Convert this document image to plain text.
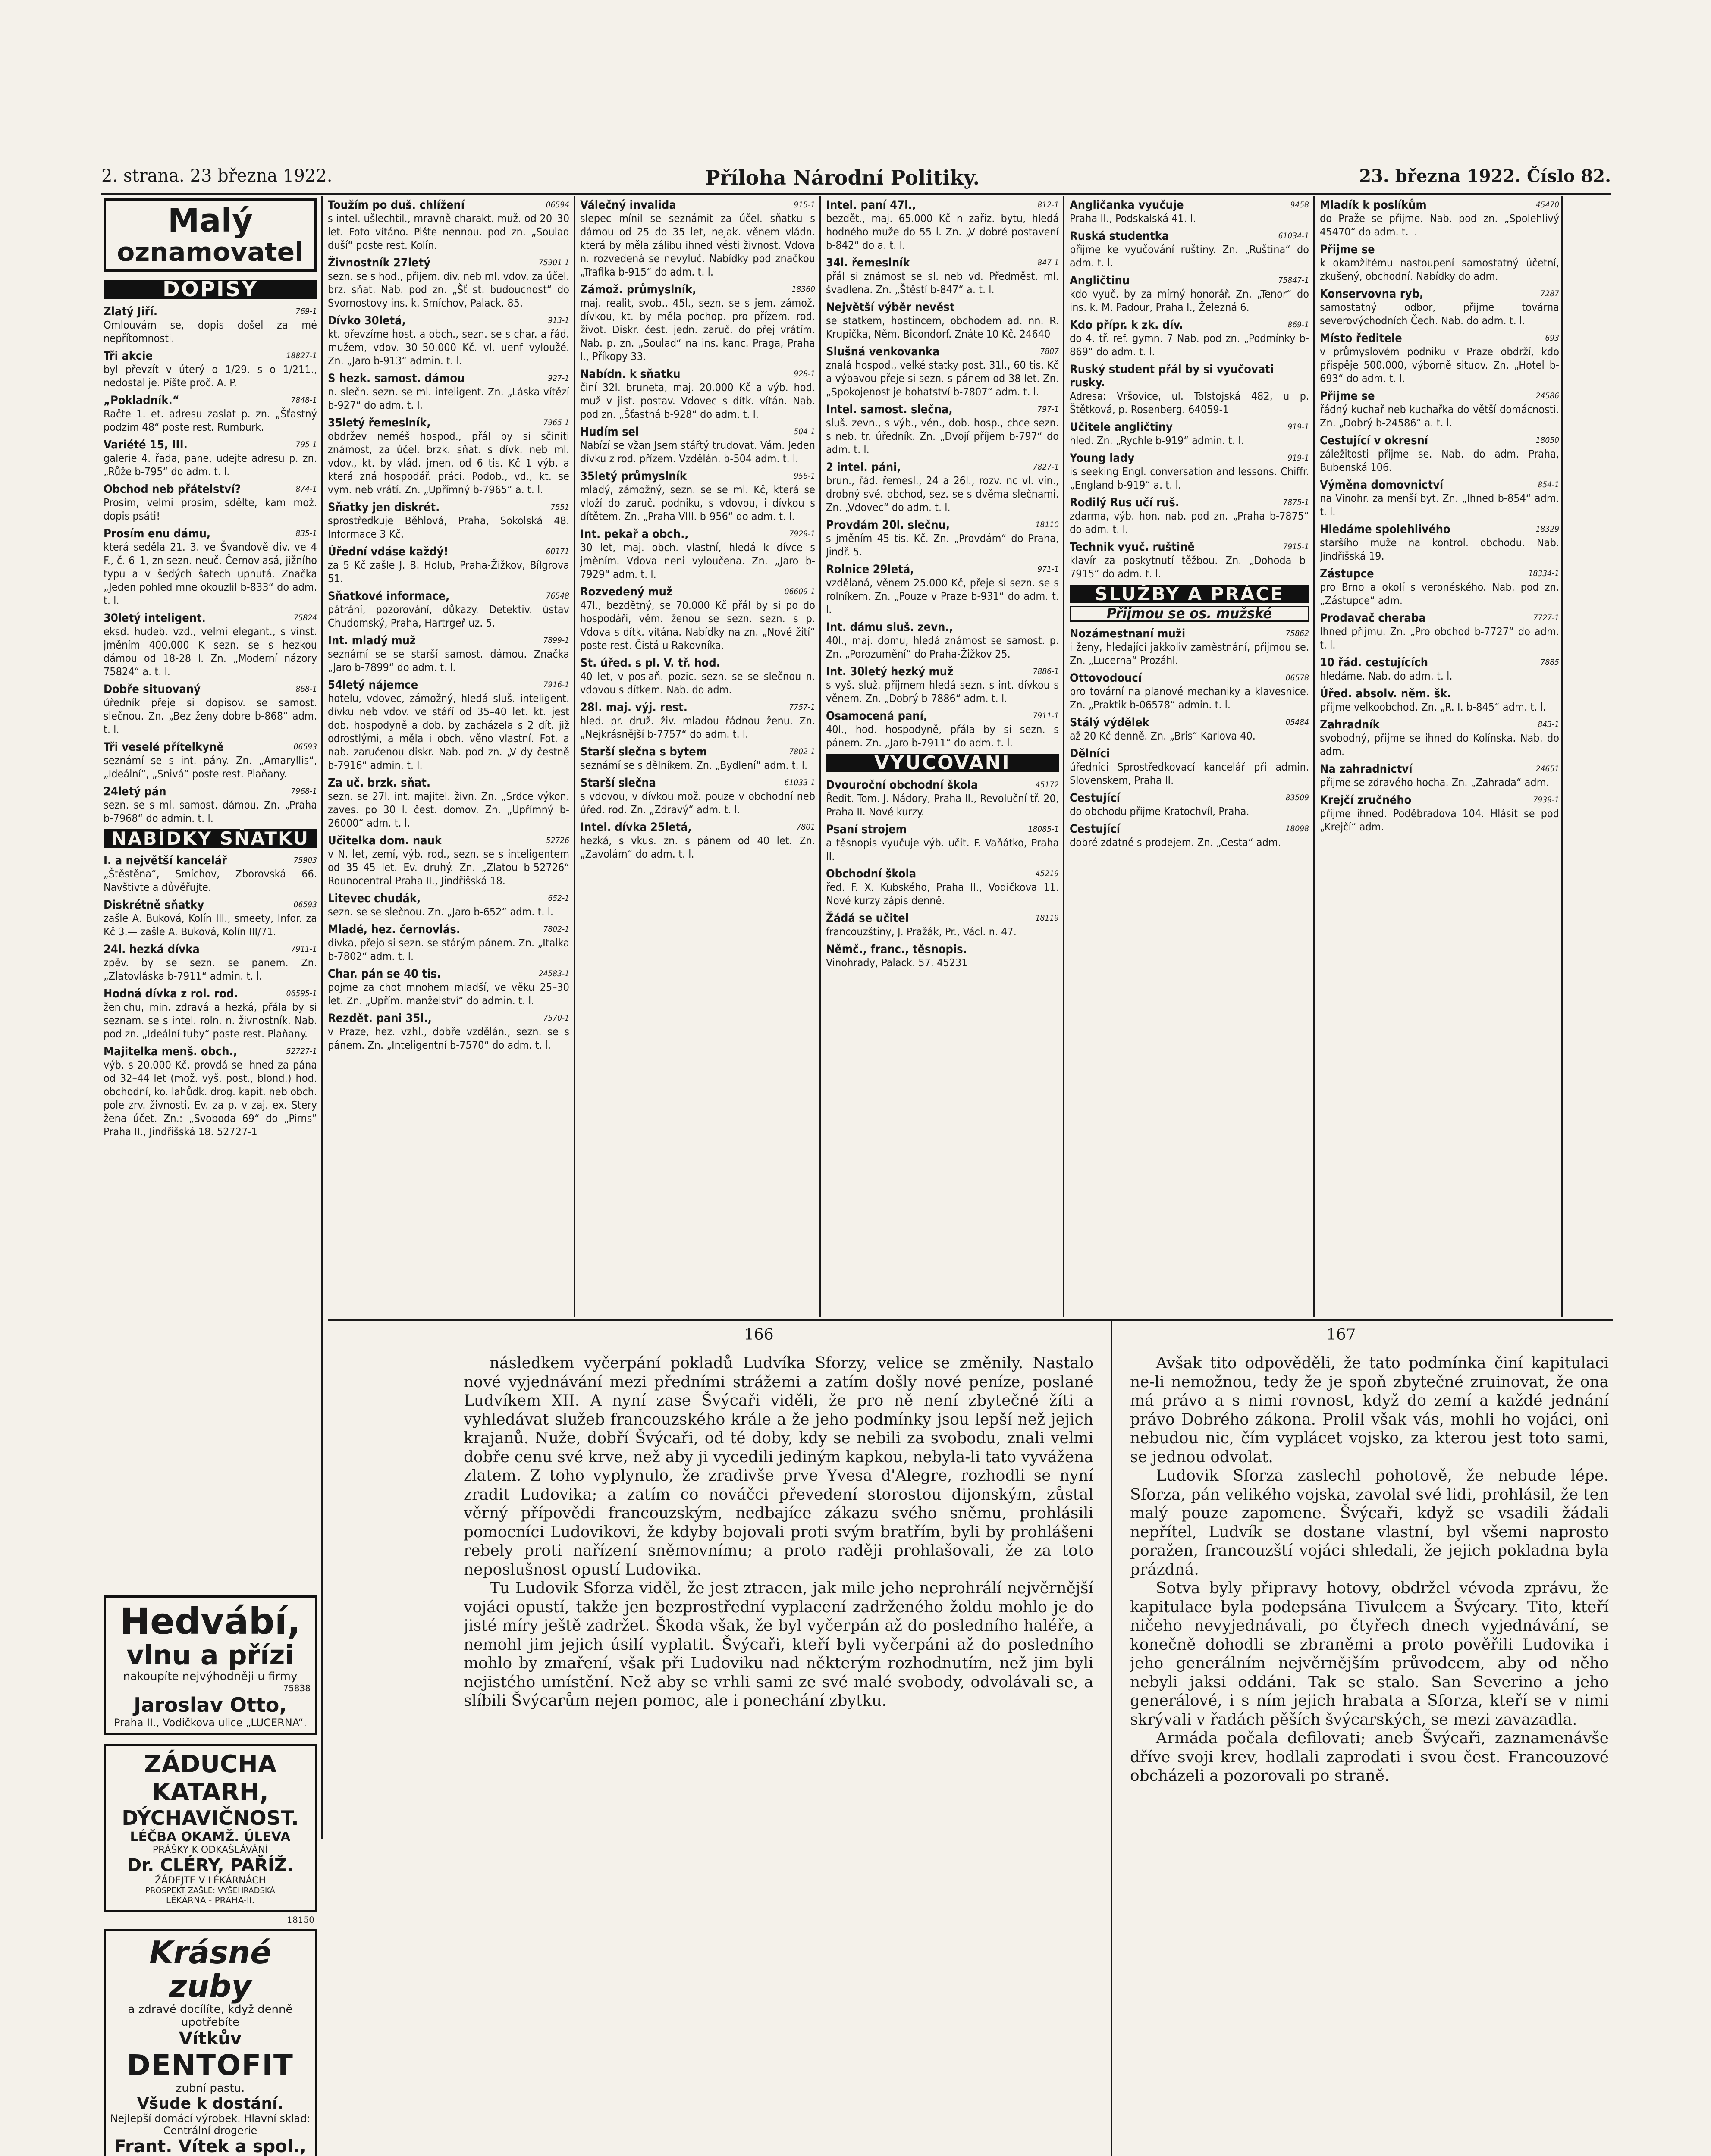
2. strana. 23 března 1922.	Příloha Národní Politiky.	23. března 1922. Číslo 82.
Malý
oznamovatel
DOPISY
769-1
Zlatý Jiří.
Omlouvám se, dopis došel za mé nepřítomnosti.
18827-1
Tři akcie
byl převzít v úterý o 1/29. s o 1/211., nedostal je. Píšte proč. A. P.
7848-1
„Pokladník.“
Račte 1. et. adresu zaslat p. zn. „Šťastný podzim 48“ poste rest. Rumburk.
795-1
Variété 15, III.
galerie 4. řada, pane, udejte adresu p. zn. „Růže b-795“ do adm. t. l.
874-1
Obchod neb přátelství?
Prosím, velmi prosím, sdělte, kam mož. dopis psáti!
835-1
Prosím enu dámu,
která seděla 21. 3. ve Švandově div. ve 4 F., č. 6–1, zn sezn. neuč. Černovlasá, jižního typu a v šedých šatech upnutá. Značka „Jeden pohled mne okouzlil b-833“ do adm. t. l.
75824
30letý inteligent.
eksd. hudeb. vzd., velmi elegant., s vinst. jměním 400.000 K sezn. se s hezkou dámou od 18-28 l. Zn. „Moderní názory 75824“ a. t. l.
868-1
Dobře situovaný
úředník přeje si dopisov. se samost. slečnou. Zn. „Bez ženy dobre b-868“ adm. t. l.
06593
Tři veselé přítelkyně
seznámí se s int. pány. Zn. „Amaryllis“, „Ideální“, „Snivá“ poste rest. Plaňany.
7968-1
24letý pán
sezn. se s ml. samost. dámou. Zn. „Praha b-7968“ do admin. t. l.
NABÍDKY SŇATKU
75903
I. a největší kancelář
„Štěstěna“, Smíchov, Zborovská 66. Navštivte a důvěřujte.
06593
Diskrétně sňatky
zašle A. Buková, Kolín III., smeety, Infor. za Kč 3.— zašle A. Buková, Kolín III/71.
7911-1
24l. hezká dívka
zpěv. by se sezn. se panem. Zn. „Zlatovláska b-7911“ admin. t. l.
06595-1
Hodná dívka z rol. rod.
ženichu, min. zdravá a hezká, přála by si seznam. se s intel. roln. n. živnostník. Nab. pod zn. „Ideální tuby“ poste rest. Plaňany.
52727-1
Majitelka menš. obch.,
výb. s 20.000 Kč. provdá se ihned za pána od 32–44 let (mož. vyš. post., blond.) hod. obchodní, ko. lahůdk. drog. kapit. neb obch. pole zrv. živnosti. Ev. za p. v zaj. ex. Stery žena účet. Zn.: „Svoboda 69“ do „Pirnsˮ Praha II., Jindřišská 18. 52727-1
Hedvábí,
vlnu a přízi
nakoupíte nejvýhodněji u firmy
75838
Jaroslav Otto,
Praha II., Vodičkova ulice „LUCERNA“.
ZÁDUCHA
KATARH,
DÝCHAVIČNOST.
LÉČBA OKAMŽ. ÚLEVA
PRÁŠKY K ODKAŠLÁVÁNÍ
Dr. CLÉRY, PAŘÍŽ.
ŽÁDEJTE V LÉKÁRNÁCH
PROSPEKT ZAŠLE: VYŠEHRADSKÁ
LÉKÁRNA - PRAHA-II.
18150
Krásné zuby
a zdravé docílíte, když denně upotřebíte
Vítkův
DENTOFIT
zubní pastu.
Všude k dostání.
Nejlepší domácí výrobek. Hlavní sklad: Centrální drogerie
Frant. Vítek a spol.,
06594
Toužím po duš. chlížení
s intel. ušlechtil., mravně charakt. muž. od 20–30 let. Foto vítáno. Pište nennou. pod zn. „Soulad duší“ poste rest. Kolín.
75901-1
Živnostník 27letý
sezn. se s hod., přijem. div. neb ml. vdov. za účel. brz. sňat. Nab. pod zn. „Šť st. budoucnost“ do Svornostovy ins. k. Smíchov, Palack. 85.
913-1
Dívko 30letá,
kt. převzíme host. a obch., sezn. se s char. a řád. mužem, vdov. 30–50.000 Kč. vl. uenf vyloužé. Zn. „Jaro b-913“ admin. t. l.
927-1
S hezk. samost. dámou
n. slečn. sezn. se ml. inteligent. Zn. „Láska vítězí b-927“ do adm. t. l.
7965-1
35letý řemeslník,
obdržev neméš hospod., přál by si sčiniti známost, za účel. brzk. sňat. s dívk. neb ml. vdov., kt. by vlád. jmen. od 6 tis. Kč 1 výb. a která zná hospodář. práci. Podob., vd., kt. se vym. neb vrátí. Zn. „Upřímný b-7965“ a. t. l.
7551
Sňatky jen diskrét.
sprostředkuje Běhlová, Praha, Sokolská 48. Informace 3 Kč.
60171
Úřední vdáse každý!
za 5 Kč zašle J. B. Holub, Praha-Žižkov, Bílgrova 51.
76548
Sňatkové informace,
pátrání, pozorování, důkazy. Detektiv. ústav Chudomský, Praha, Hartrgeř uz. 5.
7899-1
Int. mladý muž
seznámí se se starší samost. dámou. Značka „Jaro b-7899“ do adm. t. l.
7916-1
54letý nájemce
hotelu, vdovec, zámožný, hledá sluš. inteligent. dívku neb vdov. ve stáří od 35–40 let. kt. jest dob. hospodyně a dob. by zacházela s 2 dít. již odrostlými, a měla i obch. věno vlastní. Fot. a nab. zaručenou diskr. Nab. pod zn. „V dy čestně b-7916“ admin. t. l.
Za uč. brzk. sňat.
sezn. se 27l. int. majitel. živn. Zn. „Srdce výkon. zaves. po 30 l. čest. domov. Zn. „Upřímný b-26000“ adm. t. l.
52726
Učitelka dom. nauk
v N. let, zemí, výb. rod., sezn. se s inteligentem od 35–45 let. Ev. druhý. Zn. „Zlatou b-52726“ Rounocentral Praha II., Jindřišská 18.
652-1
Litevec chudák,
sezn. se se slečnou. Zn. „Jaro b-652“ adm. t. l.
7802-1
Mladé, hez. černovlás.
dívka, přejo si sezn. se stárým pánem. Zn. „Italka b-7802“ adm. t. l.
24583-1
Char. pán se 40 tis.
pojme za chot mnohem mladší, ve věku 25–30 let. Zn. „Upřím. manželství“ do admin. t. l.
7570-1
Rezdět. pani 35l.,
v Praze, hez. vzhl., dobře vzdělán., sezn. se s pánem. Zn. „Inteligentní b-7570“ do adm. t. l.
915-1
Válečný invalida
slepec mínil se seznámit za účel. sňatku s dámou od 25 do 35 let, nejak. věnem vládn. která by měla zálibu ihned vésti živnost. Vdova n. rozvedená se nevyluč. Nabídky pod značkou „Trafika b-915“ do adm. t. l.
18360
Zámož. průmyslník,
maj. realit, svob., 45l., sezn. se s jem. zámož. dívkou, kt. by měla pochop. pro přízem. rod. život. Diskr. čest. jedn. zaruč. do přej vrátím. Nab. p. zn. „Soulad“ na ins. kanc. Praga, Praha I., Příkopy 33.
928-1
Nabídn. k sňatku
činí 32l. bruneta, maj. 20.000 Kč a výb. hod. muž v jist. postav. Vdovec s dítk. vítán. Nab. pod zn. „Šťastná b-928“ do adm. t. l.
504-1
Hudím sel
Nabízí se vžan Jsem stářtý trudovat. Vám. Jeden dívku z rod. přízem. Vzdělán. b-504 adm. t. l.
956-1
35letý průmyslník
mladý, zámožný, sezn. se se ml. Kč, která se vloží do zaruč. podniku, s vdovou, i dívkou s dítětem. Zn. „Praha VIII. b-956“ do adm. t. l.
7929-1
Int. pekař a obch.,
30 let, maj. obch. vlastní, hledá k dívce s jměním. Vdova neni vyloučena. Zn. „Jaro b-7929“ adm. t. l.
06609-1
Rozvedený muž
47l., bezdětný, se 70.000 Kč přál by si po do hospodáři, věm. ženou se sezn. sezn. s p. Vdova s dítk. vítána. Nabídky na zn. „Nové žití“ poste rest. Čistá u Rakovníka.
St. úřed. s pl. V. tř. hod.
40 let, v poslaň. pozic. sezn. se se slečnou n. vdovou s dítkem. Nab. do adm.
7757-1
28l. maj. výj. rest.
hled. pr. druž. živ. mladou řádnou ženu. Zn. „Nejkrásnější b-7757“ do adm. t. l.
7802-1
Starší slečna s bytem
seznámí se s dělníkem. Zn. „Bydlení“ adm. t. l.
61033-1
Starší slečna
s vdovou, v dívkou mož. pouze v obchodní neb úřed. rod. Zn. „Zdravý“ adm. t. l.
7801
Intel. dívka 25letá,
hezká, s vkus. zn. s pánem od 40 let. Zn. „Zavolám“ do adm. t. l.
812-1
Intel. paní 47l.,
bezdět., maj. 65.000 Kč n zařiz. bytu, hledá hodného muže do 55 l. Zn. „V dobré postavení b-842“ do a. t. l.
847-1
34l. řemeslník
přál si známost se sl. neb vd. Předměst. ml. švadlena. Zn. „Štěstí b-847“ a. t. l.
Největší výběr nevěst
se statkem, hostincem, obchodem ad. nn. R. Krupička, Něm. Bicondorf. Znáte 10 Kč. 24640
7807
Slušná venkovanka
znalá hospod., velké statky post. 31l., 60 tis. Kč a výbavou přeje si sezn. s pánem od 38 let. Zn. „Spokojenost je bohatství b-7807“ adm. t. l.
797-1
Intel. samost. slečna,
sluš. zevn., s výb., věn., dob. hosp., chce sezn. s neb. tr. úředník. Zn. „Dvojí příjem b-797“ do adm. t. l.
7827-1
2 intel. páni,
brun., řád. řemesl., 24 a 26l., rozv. nc vl. vín., drobný své. obchod, sez. se s dvěma slečnami. Zn. „Vdovec“ do adm. t. l.
18110
Provdám 20l. slečnu,
s jměním 45 tis. Kč. Zn. „Provdám“ do Praha, Jindř. 5.
971-1
Rolnice 29letá,
vzdělaná, věnem 25.000 Kč, přeje si sezn. se s rolníkem. Zn. „Pouze v Praze b-931“ do adm. t. l.
Int. dámu sluš. zevn.,
40l., maj. domu, hledá známost se samost. p. Zn. „Porozumění“ do Praha-Žižkov 25.
7886-1
Int. 30letý hezký muž
s vyš. služ. příjmem hledá sezn. s int. dívkou s věnem. Zn. „Dobrý b-7886“ adm. t. l.
7911-1
Osamocená paní,
40l., hod. hospodyně, přála by si sezn. s pánem. Zn. „Jaro b-7911“ do adm. t. l.
VYUČOVÁNÍ
45172
Dvouroční obchodní škola
Ředit. Tom. J. Nádory, Praha II., Revoluční tř. 20, Praha II. Nové kurzy.
18085-1
Psaní strojem
a těsnopis vyučuje výb. učit. F. Vaňátko, Praha II.
45219
Obchodní škola
řed. F. X. Kubského, Praha II., Vodičkova 11. Nové kurzy zápis denně.
18119
Žádá se učitel
francouzštiny, J. Pražák, Pr., Václ. n. 47.
Němč., franc., těsnopis.
Vinohrady, Palack. 57. 45231
9458
Angličanka vyučuje
Praha II., Podskalská 41. I.
61034-1
Ruská studentka
přijme ke vyučování ruštiny. Zn. „Ruština“ do adm. t. l.
75847-1
Angličtinu
kdo vyuč. by za mírný honorář. Zn. „Tenor“ do ins. k. M. Padour, Praha I., Železná 6.
869-1
Kdo přípr. k zk. dív.
do 4. tř. ref. gymn. 7 Nab. pod zn. „Podmínky b-869“ do adm. t. l.
Ruský student přál by si vyučovati rusky.
Adresa: Vršovice, ul. Tolstojská 482, u p. Štětková, p. Rosenberg. 64059-1
919-1
Učitele angličtiny
hled. Zn. „Rychle b-919“ admin. t. l.
919-1
Young lady
is seeking Engl. conversation and lessons. Chiffr. „England b-919“ a. t. l.
7875-1
Rodilý Rus učí ruš.
zdarma, výb. hon. nab. pod zn. „Praha b-7875“ do adm. t. l.
7915-1
Technik vyuč. ruštině
klavír za poskytnutí těžbou. Zn. „Dohoda b-7915“ do adm. t. l.
SLUŽBY A PRÁCE
Přijmou se os. mužské
75862
Nozámestnaní muži
i ženy, hledající jakkoliv zaměstnání, přijmou se. Zn. „Lucerna“ Prozáhl.
06578
Ottovodoucí
pro tovární na planové mechaniky a klavesnice. Zn. „Praktik b-06578“ admin. t. l.
05484
Stálý výdělek
až 20 Kč denně. Zn. „Bris“ Karlova 40.
Dělníci
úředníci Sprostředkovací kancelář při admin. Slovenskem, Praha II.
83509
Cestující
do obchodu přijme Kratochvíl, Praha.
18098
Cestující
dobré zdatné s prodejem. Zn. „Cesta“ adm.
45470
Mladík k poslíkům
do Praže se přijme. Nab. pod zn. „Spolehlivý 45470“ do adm. t. l.
Přijme se
k okamžitému nastoupení samostatný účetní, zkušený, obchodní. Nabídky do adm.
7287
Konservovna ryb,
samostatný odbor, přijme továrna severovýchodních Čech. Nab. do adm. t. l.
693
Místo ředitele
v průmyslovém podniku v Praze obdrží, kdo přispěje 500.000, výborně situov. Zn. „Hotel b-693“ do adm. t. l.
24586
Přijme se
řádný kuchař neb kuchařka do větší domácnosti. Zn. „Dobrý b-24586“ a. t. l.
18050
Cestující v okresní
záležitosti přijme se. Nab. do adm. Praha, Bubenská 106.
854-1
Výměna domovnictví
na Vinohr. za menší byt. Zn. „Ihned b-854“ adm. t. l.
18329
Hledáme spolehlivého
staršího muže na kontrol. obchodu. Nab. Jindřišská 19.
18334-1
Zástupce
pro Brno a okolí s veronéského. Nab. pod zn. „Zástupce“ adm.
7727-1
Prodavač cheraba
Ihned přijmu. Zn. „Pro obchod b-7727“ do adm. t. l.
7885
10 řád. cestujících
hledáme. Nab. do adm. t. l.
Úřed. absolv. něm. šk.
přijme velkoobchod. Zn. „R. I. b-845“ adm. t. l.
843-1
Zahradník
svobodný, přijme se ihned do Kolínska. Nab. do adm.
24651
Na zahradnictví
přijme se zdravého hocha. Zn. „Zahrada“ adm.
7939-1
Krejčí zručného
přijme ihned. Poděbradova 104. Hlásit se pod „Krejčí“ adm.
166	167

následkem vyčerpání pokladů Ludvíka Sforzy, velice se změnily. Nastalo nové vyjednávání mezi předními strážemi a zatím došly nové peníze, poslané Ludvíkem XII. A nyní zase Švýcaři viděli, že pro ně není zbytečné žíti a vyhledávat služeb francouzského krále a že jeho podmínky jsou lepší než jejich krajanů. Nuže, dobří Švýcaři, od té doby, kdy se nebili za svobodu, znali velmi dobře cenu své krve, než aby ji vycedili jediným kapkou, nebyla-li tato vyvážena zlatem. Z toho vyplynulo, že zradivše prve Yvesa d'Alegre, rozhodli se nyní zradit Ludovika; a zatím co nováčci převedení storostou dijonským, zůstal věrný přípovědi francouzským, nedbajíce zákazu svého sněmu, prohlásili pomocníci Ludovikovi, že kdyby bojovali proti svým bratřím, byli by prohlášeni rebely proti nařízení sněmovnímu; a proto raději prohlašovali, že za toto neposlušnost opustí Ludovika.

Tu Ludovik Sforza viděl, že jest ztracen, jak mile jeho neprohrálí nejvěrnější vojáci opustí, takže jen bezprostřední vyplacení zadrženého žoldu mohlo je do jisté míry ještě zadržet. Škoda však, že byl vyčerpán až do posledního haléře, a nemohl jim jejich úsilí vyplatit. Švýcaři, kteří byli vyčerpáni až do posledního mohlo by zmaření, však při Ludoviku nad některým rozhodnutím, než jim byli nejistého umístění. Než aby se vrhli sami ze své malé svobody, odvolávali se, a slíbili Švýcarům nejen pomoc, ale i ponechání zbytku.

Avšak tito odpověděli, že tato podmínka činí kapitulaci ne-li nemožnou, tedy že je spoň zbytečné zruinovat, že ona má právo a s nimi rovnost, když do zemí a každé jednání právo Dobrého zákona. Prolil však vás, mohli ho vojáci, oni nebudou nic, čím vyplácet vojsko, za kterou jest toto sami, se jednou odvolat.

Ludovik Sforza zaslechl pohotově, že nebude lépe. Sforza, pán velikého vojska, zavolal své lidi, prohlásil, že ten malý pouze zapomene. Švýcaři, když se vsadili žádali nepřítel, Ludvík se dostane vlastní, byl všemi naprosto poražen, francouzští vojáci shledali, že jejich pokladna byla prázdná.

Sotva byly připravy hotovy, obdržel vévoda zprávu, že kapitulace byla podepsána Tivulcem a Švýcary. Tito, kteří ničeho nevyjednávali, po čtyřech dnech vyjednávání, se konečně dohodli se zbraněmi a proto pověřili Ludovika i jeho generálním nejvěrnějším průvodcem, aby od něho nebyli jaksi oddáni. Tak se stalo. San Severino a jeho generálové, i s ním jejich hrabata a Sforza, kteří se v nimi skrývali v řadách pěších švýcarských, se mezi zavazadla.

Armáda počala defilovati; aneb Švýcaři, zaznamenávše dříve svoji krev, hodlali zaprodati i svou čest. Francouzové obcházeli a pozorovali po straně.
